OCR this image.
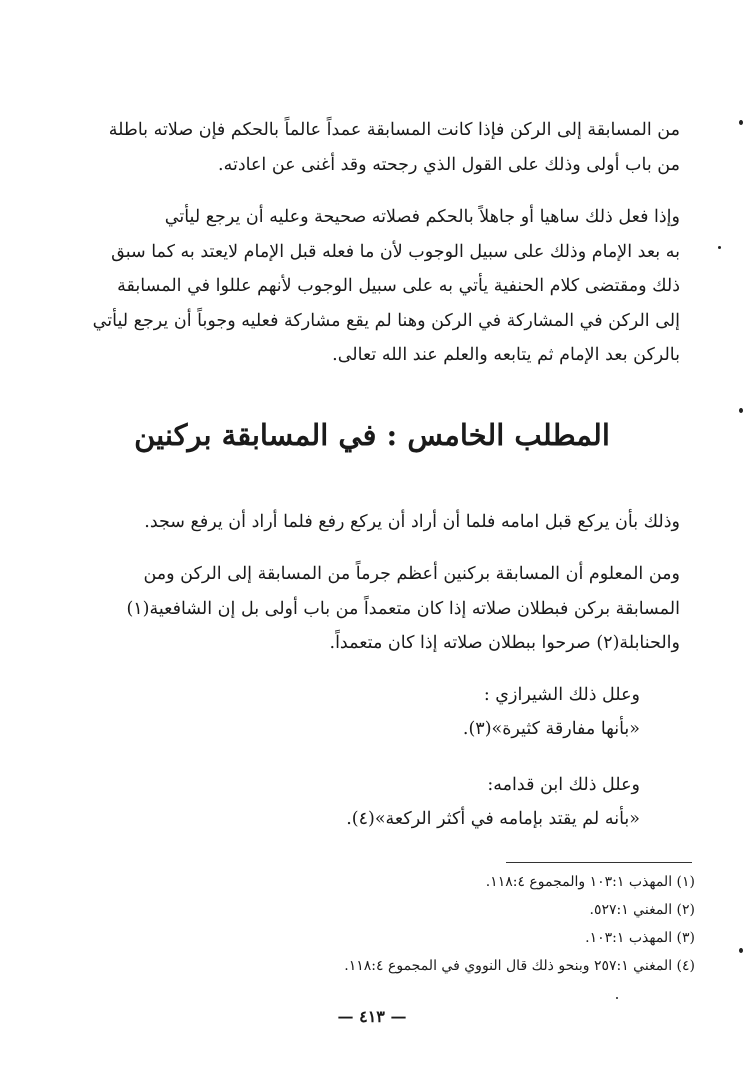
من المسابقة إلى الركن فإذا كانت المسابقة عمداً عالماً بالحكم فإن صلاته باطلة
من باب أولى وذلك على القول الذي رجحته وقد أغنى عن اعادته.
وإذا فعل ذلك ساهيا أو جاهلاً بالحكم فصلاته صحيحة وعليه أن يرجع ليأتي
به بعد الإمام وذلك على سبيل الوجوب لأن ما فعله قبل الإمام لايعتد به كما سبق
ذلك ومقتضى كلام الحنفية يأتي به على سبيل الوجوب لأنهم عللوا في المسابقة
إلى الركن في المشاركة في الركن وهنا لم يقع مشاركة فعليه وجوباً أن يرجع ليأتي
بالركن بعد الإمام ثم يتابعه والعلم عند الله تعالى.
المطلب الخامس : في المسابقة بركنين
وذلك بأن يركع قبل امامه فلما أن أراد أن يركع رفع فلما أراد أن يرفع سجد.
ومن المعلوم أن المسابقة بركنين أعظم جرماً من المسابقة إلى الركن ومن
المسابقة بركن فبطلان صلاته إذا كان متعمداً من باب أولى بل إن الشافعية(١)
والحنابلة(٢) صرحوا ببطلان صلاته إذا كان متعمداً.
وعلل ذلك الشيرازي :
«بأنها مفارقة كثيرة»(٣).
وعلل ذلك ابن قدامه:
«بأنه لم يقتد بإمامه في أكثر الركعة»(٤).
(١) المهذب ١٠٣:١ والمجموع ١١٨:٤.
(٢) المغني ٥٢٧:١.
(٣) المهذب ١٠٣:١.
(٤) المغني ٢٥٧:١ وبنحو ذلك قال النووي في المجموع ١١٨:٤.
— ٤١٣ —
